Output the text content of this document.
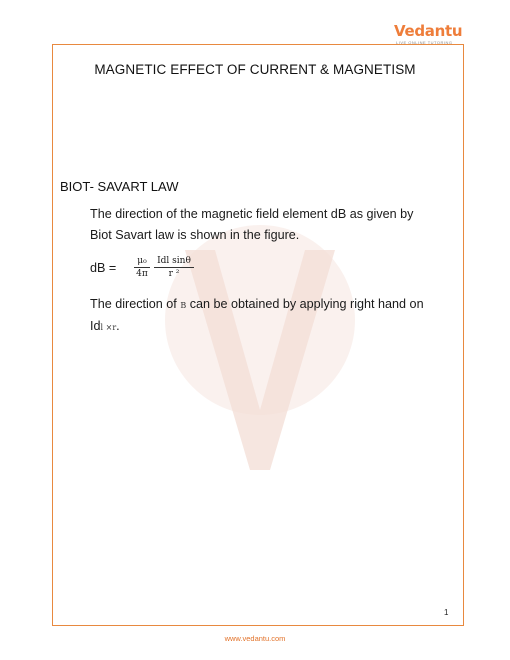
Vedantu
LIVE ONLINE TUTORING
MAGNETIC EFFECT OF CURRENT & MAGNETISM
BIOT- SAVART LAW
The direction of the magnetic field element dB as given by Biot Savart law is shown in the figure.
dB = $\frac{\text{μ₀}}{4\pi}$ Idl sinθ
r ²
The direction of B can be obtained by applying right hand on Idl ×r.
1
www.vedantu.com
